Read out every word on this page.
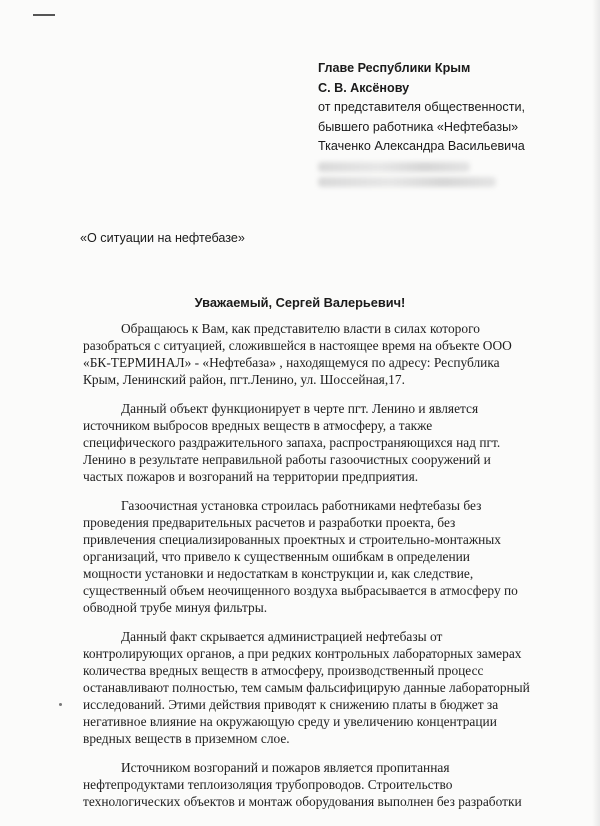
Главе Республики Крым
С. В. Аксёнову
от представителя общественности,
бывшего работника «Нефтебазы»
Ткаченко Александра Васильевича
«О ситуации на нефтебазе»
Уважаемый, Сергей Валерьевич!

Обращаюсь к Вам, как представителю власти в силах которого
разобраться с ситуацией, сложившейся в настоящее время на объекте ООО
«БК-ТЕРМИНАЛ» - «Нефтебаза» , находящемуся по адресу: Республика
Крым, Ленинский район, пгт.Ленино, ул. Шоссейная,17.

Данный объект функционирует в черте пгт. Ленино и является
источником выбросов вредных веществ в атмосферу, а также
специфического раздражительного запаха, распространяющихся над пгт.
Ленино в результате неправильной работы газоочистных сооружений и
частых пожаров и возгораний на территории предприятия.

Газоочистная установка строилась работниками нефтебазы без
проведения предварительных расчетов и разработки проекта, без
привлечения специализированных проектных и строительно-монтажных
организаций, что привело к существенным ошибкам в определении
мощности установки и недостаткам в конструкции и, как следствие,
существенный объем неочищенного воздуха выбрасывается в атмосферу по
обводной трубе минуя фильтры.

Данный факт скрывается администрацией нефтебазы от
контролирующих органов, а при редких контрольных лабораторных замерах
количества вредных веществ в атмосферу, производственный процесс
останавливают полностью, тем самым фальсифицирую данные лабораторный
исследований. Этими действия приводят к снижению платы в бюджет за
негативное влияние на окружающую среду и увеличению концентрации
вредных веществ в приземном слое.

Источником возгораний и пожаров является пропитанная
нефтепродуктами теплоизоляция трубопроводов. Строительство
технологических объектов и монтаж оборудования выполнен без разработки
